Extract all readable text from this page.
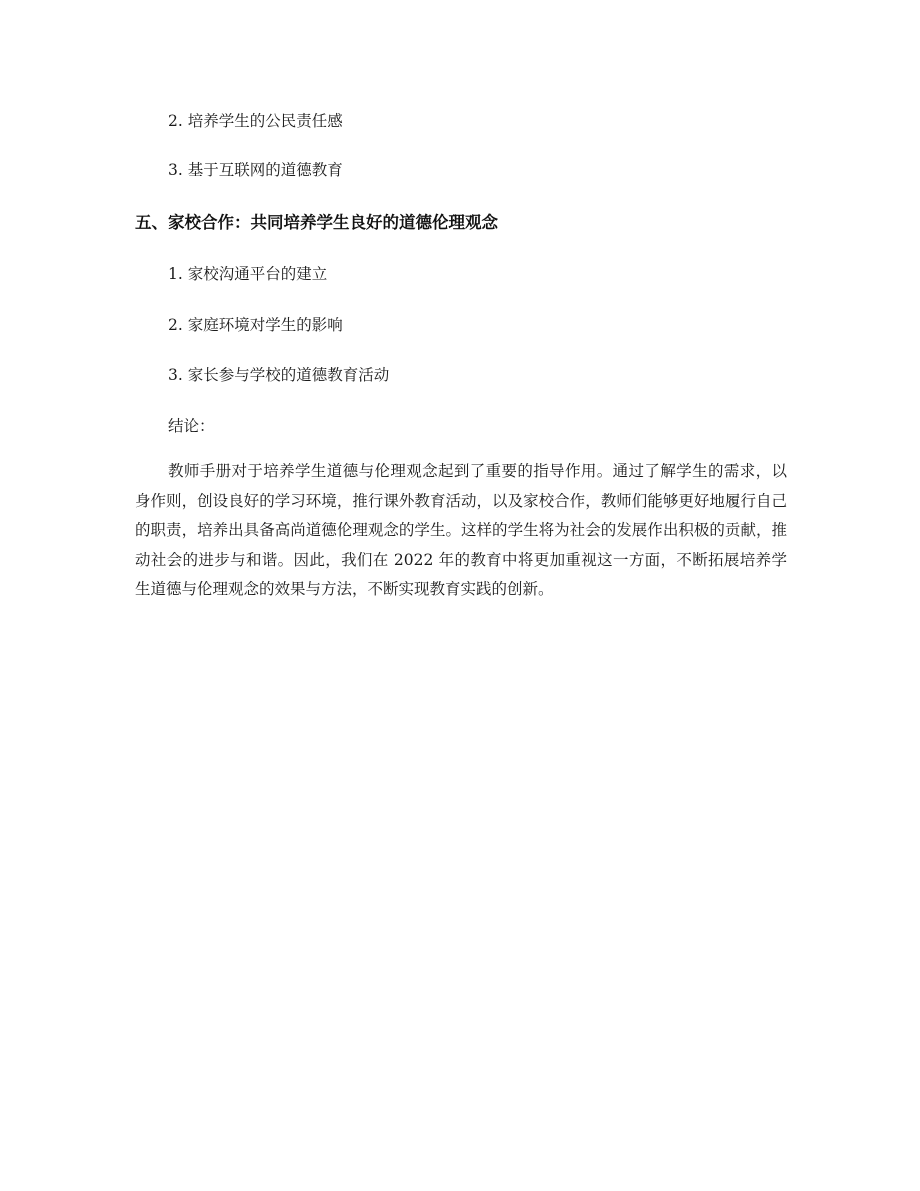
2. 培养学生的公民责任感
3. 基于互联网的道德教育
五、家校合作：共同培养学生良好的道德伦理观念
1. 家校沟通平台的建立
2. 家庭环境对学生的影响
3. 家长参与学校的道德教育活动
结论：
教师手册对于培养学生道德与伦理观念起到了重要的指导作用。通过了解学生的需求，以身作则，创设良好的学习环境，推行课外教育活动，以及家校合作，教师们能够更好地履行自己的职责，培养出具备高尚道德伦理观念的学生。这样的学生将为社会的发展作出积极的贡献，推动社会的进步与和谐。因此，我们在 2022 年的教育中将更加重视这一方面，不断拓展培养学生道德与伦理观念的效果与方法，不断实现教育实践的创新。
